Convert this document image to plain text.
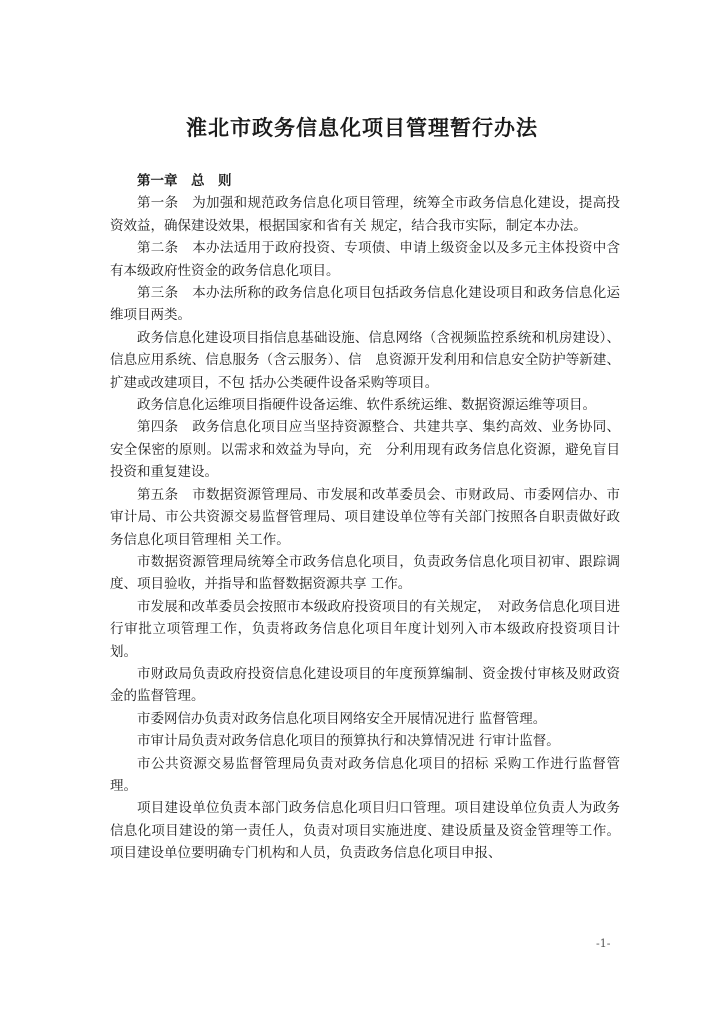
淮北市政务信息化项目管理暂行办法

第一章　总　则

第一条　为加强和规范政务信息化项目管理，统筹全市政务信息化建设，提高投资效益，确保建设效果，根据国家和省有关 规定，结合我市实际，制定本办法。

第二条　本办法适用于政府投资、专项债、申请上级资金以及多元主体投资中含有本级政府性资金的政务信息化项目。

第三条　本办法所称的政务信息化项目包括政务信息化建设项目和政务信息化运维项目两类。

政务信息化建设项目指信息基础设施、信息网络（含视频监控系统和机房建设）、信息应用系统、信息服务（含云服务）、信　息资源开发利用和信息安全防护等新建、扩建或改建项目，不包 括办公类硬件设备采购等项目。

政务信息化运维项目指硬件设备运维、软件系统运维、数据资源运维等项目。

第四条　政务信息化项目应当坚持资源整合、共建共享、集约高效、业务协同、安全保密的原则。以需求和效益为导向，充　分利用现有政务信息化资源，避免盲目投资和重复建设。

第五条　市数据资源管理局、市发展和改革委员会、市财政局、市委网信办、市审计局、市公共资源交易监督管理局、项目建设单位等有关部门按照各自职责做好政务信息化项目管理相 关工作。

市数据资源管理局统筹全市政务信息化项目，负责政务信息化项目初审、跟踪调度、项目验收，并指导和监督数据资源共享 工作。

市发展和改革委员会按照市本级政府投资项目的有关规定，　对政务信息化项目进行审批立项管理工作，负责将政务信息化项目年度计划列入市本级政府投资项目计划。

市财政局负责政府投资信息化建设项目的年度预算编制、资金拨付审核及财政资金的监督管理。

市委网信办负责对政务信息化项目网络安全开展情况进行 监督管理。

市审计局负责对政务信息化项目的预算执行和决算情况进 行审计监督。

市公共资源交易监督管理局负责对政务信息化项目的招标 采购工作进行监督管理。

项目建设单位负责本部门政务信息化项目归口管理。项目建设单位负责人为政务信息化项目建设的第一责任人，负责对项目实施进度、建设质量及资金管理等工作。项目建设单位要明确专门机构和人员，负责政务信息化项目申报、

-1-
